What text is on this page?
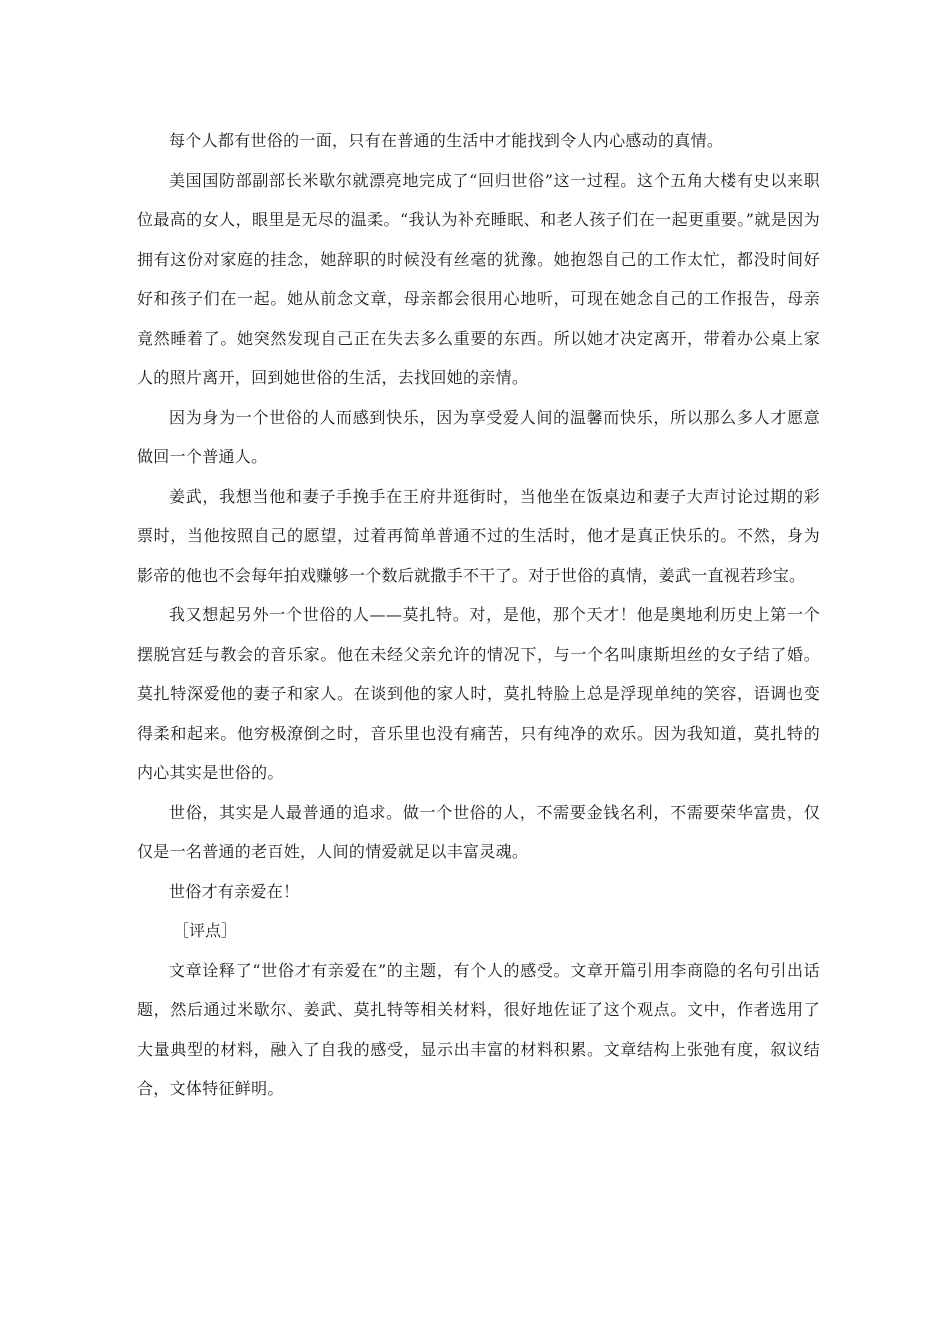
每个人都有世俗的一面，只有在普通的生活中才能找到令人内心感动的真情。

美国国防部副部长米歇尔就漂亮地完成了“回归世俗”这一过程。这个五角大楼有史以来职位最高的女人，眼里是无尽的温柔。“我认为补充睡眠、和老人孩子们在一起更重要。”就是因为拥有这份对家庭的挂念，她辞职的时候没有丝毫的犹豫。她抱怨自己的工作太忙，都没时间好好和孩子们在一起。她从前念文章，母亲都会很用心地听，可现在她念自己的工作报告，母亲竟然睡着了。她突然发现自己正在失去多么重要的东西。所以她才决定离开，带着办公桌上家人的照片离开，回到她世俗的生活，去找回她的亲情。

因为身为一个世俗的人而感到快乐，因为享受爱人间的温馨而快乐，所以那么多人才愿意做回一个普通人。

姜武，我想当他和妻子手挽手在王府井逛街时，当他坐在饭桌边和妻子大声讨论过期的彩票时，当他按照自己的愿望，过着再简单普通不过的生活时，他才是真正快乐的。不然，身为影帝的他也不会每年拍戏赚够一个数后就撒手不干了。对于世俗的真情，姜武一直视若珍宝。

我又想起另外一个世俗的人——莫扎特。对，是他，那个天才！他是奥地利历史上第一个摆脱宫廷与教会的音乐家。他在未经父亲允许的情况下，与一个名叫康斯坦丝的女子结了婚。莫扎特深爱他的妻子和家人。在谈到他的家人时，莫扎特脸上总是浮现单纯的笑容，语调也变得柔和起来。他穷极潦倒之时，音乐里也没有痛苦，只有纯净的欢乐。因为我知道，莫扎特的内心其实是世俗的。

世俗，其实是人最普通的追求。做一个世俗的人，不需要金钱名利，不需要荣华富贵，仅仅是一名普通的老百姓，人间的情爱就足以丰富灵魂。

世俗才有亲爱在！

［评点］

文章诠释了“世俗才有亲爱在”的主题，有个人的感受。文章开篇引用李商隐的名句引出话题，然后通过米歇尔、姜武、莫扎特等相关材料，很好地佐证了这个观点。文中，作者选用了大量典型的材料，融入了自我的感受，显示出丰富的材料积累。文章结构上张弛有度，叙议结合，文体特征鲜明。
